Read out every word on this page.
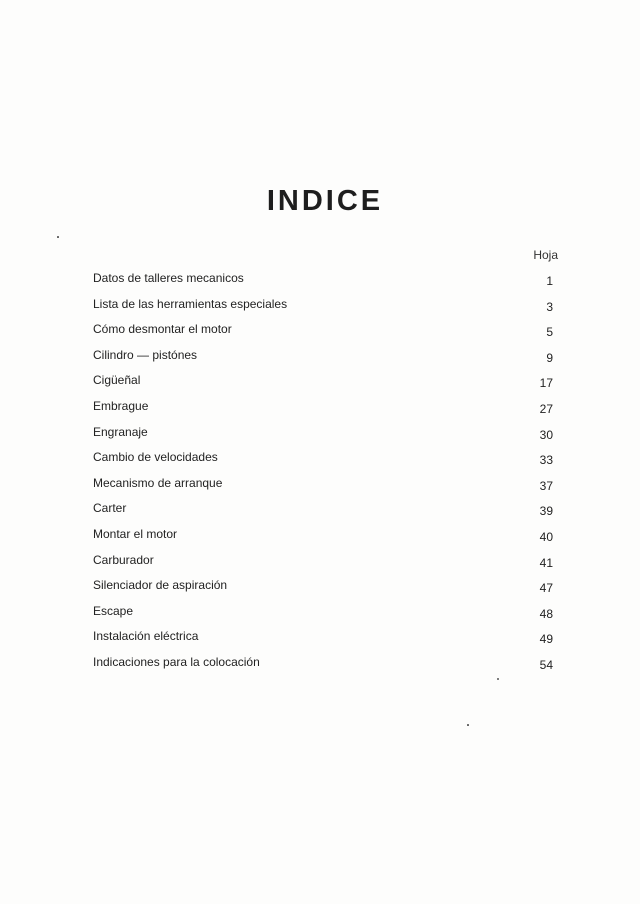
INDICE
Hoja
Datos de talleres mecanicos	1
Lista de las herramientas especiales	3
Cómo desmontar el motor	5
Cilindro — pistónes	9
Cigüeñal	17
Embrague	27
Engranaje	30
Cambio de velocidades	33
Mecanismo de arranque	37
Carter	39
Montar el motor	40
Carburador	41
Silenciador de aspiración	47
Escape	48
Instalación eléctrica	49
Indicaciones para la colocación	54
